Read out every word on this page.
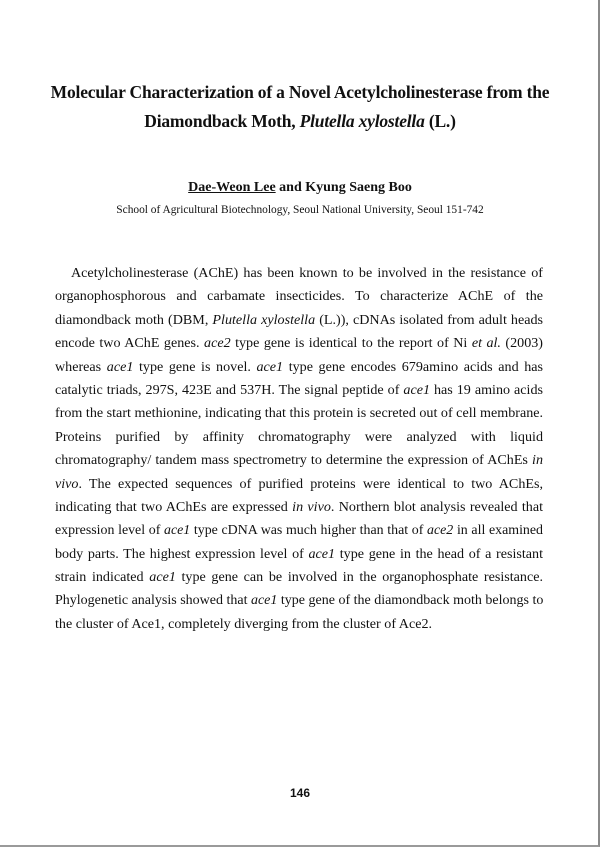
Molecular Characterization of a Novel Acetylcholinesterase from the
Diamondback Moth, Plutella xylostella (L.)
Dae-Weon Lee and Kyung Saeng Boo
School of Agricultural Biotechnology, Seoul National University, Seoul 151-742
Acetylcholinesterase (AChE) has been known to be involved in the resistance of
organophosphorous and carbamate insecticides. To characterize AChE of the
diamondback moth (DBM, Plutella xylostella (L.)), cDNAs isolated from adult heads
encode two AChE genes. ace2 type gene is identical to the report of Ni et al. (2003)
whereas ace1 type gene is novel. ace1 type gene encodes 679amino acids and has
catalytic triads, 297S, 423E and 537H. The signal peptide of ace1 has 19 amino acids
from the start methionine, indicating that this protein is secreted out of cell membrane.
Proteins purified by affinity chromatography were analyzed with liquid
chromatography/ tandem mass spectrometry to determine the expression of AChEs in
vivo. The expected sequences of purified proteins were identical to two AChEs,
indicating that two AChEs are expressed in vivo. Northern blot analysis revealed that
expression level of ace1 type cDNA was much higher than that of ace2 in all examined
body parts. The highest expression level of ace1 type gene in the head of a resistant
strain indicated ace1 type gene can be involved in the organophosphate resistance.
Phylogenetic analysis showed that ace1 type gene of the diamondback moth belongs to
the cluster of Ace1, completely diverging from the cluster of Ace2.
146
